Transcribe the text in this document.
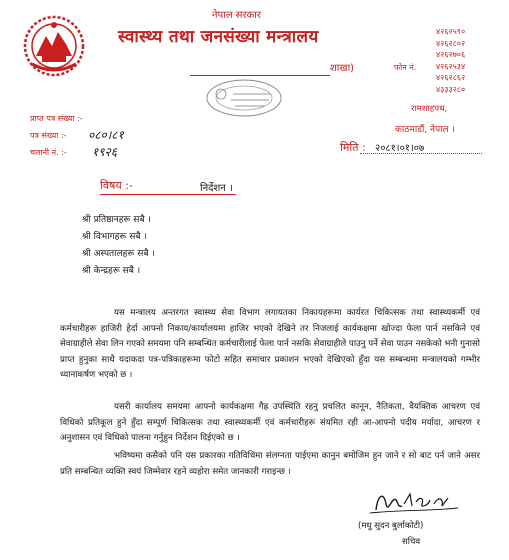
नेपाल सरकार
स्वास्थ्य तथा जनसंख्या मन्त्रालय
शाखा)	फोन नं.
४२६२५९०
४२६२८०२
४२६२७०६
४२६२५३४
४२६२८६२
४३३३२८०
रामशाहपथ,
काठमाडौं, नेपाल ।
प्राप्त पत्र संख्या :-
पत्र संख्या :- ०८०।८१
चलानी नं. :- १९२६	मिति : २०८१।०१।०७
विषय :-	निर्देशन ।
श्री प्रतिष्ठानहरू सबै ।
श्री विभागहरू सबै ।
श्री अस्पतालहरू सबै ।
श्री केन्द्रहरू सबै ।
यस मन्त्रालय अन्तरगत स्वास्थ्य सेवा विभाग लगायतका निकायहरूमा कार्यरत चिकित्सक तथा स्वास्थ्यकर्मी एवं कर्मचारीहरू हाजिरी हेर्दा आफ्नो निकाय/कार्यालयमा हाजिर भएको देखिने तर निजलाई कार्यकक्षमा खोज्दा फेला पार्न नसकिने एवं सेवाग्राहीले सेवा लिन गएको समयमा पनि सम्बन्धित कर्मचारीलाई फेला पार्न नसकि सेवाग्राहीले पाउनु पर्ने सेवा पाउन नसकेको भनी गुनासो प्राप्त हुनुका साथै यदाकदा पत्र-पत्रिकाहरूमा फोटो सहित समाचार प्रकाशन भएको देखिएको हुँदा यस सम्बन्धमा मन्त्रालयको गम्भीर ध्यानाकर्षण भएको छ ।
यसरी कार्यालय समयमा आफ्नो कार्यकक्षमा गैह्र उपस्थिति रहनु प्रचलित कानून, नैतिकता, वैयक्तिक आचरण एवं विधिको प्रतिकूल हुने हुँदा सम्पूर्ण चिकित्सक तथा स्वास्थ्यकर्मी एवं कर्मचारीहरू संयमित रही आ-आफ्नो पदीय मर्यादा, आचरण र अनुशासन एवं विधिको पालना गर्नुहुन निर्देशन दिईएको छ ।
भविष्यमा कसैको पनि यस प्रकारका गतिविधिमा संलग्नता पाईएमा कानुन बमोजिम हुन जाने र सो बाट पर्न जाने असर प्रति सम्बन्धित व्यक्ति स्वयं जिम्मेवार रहने व्यहोरा समेत जानकारी गराइन्छ ।
(मधु सुदन बुर्लाकोटी)
सचिव
